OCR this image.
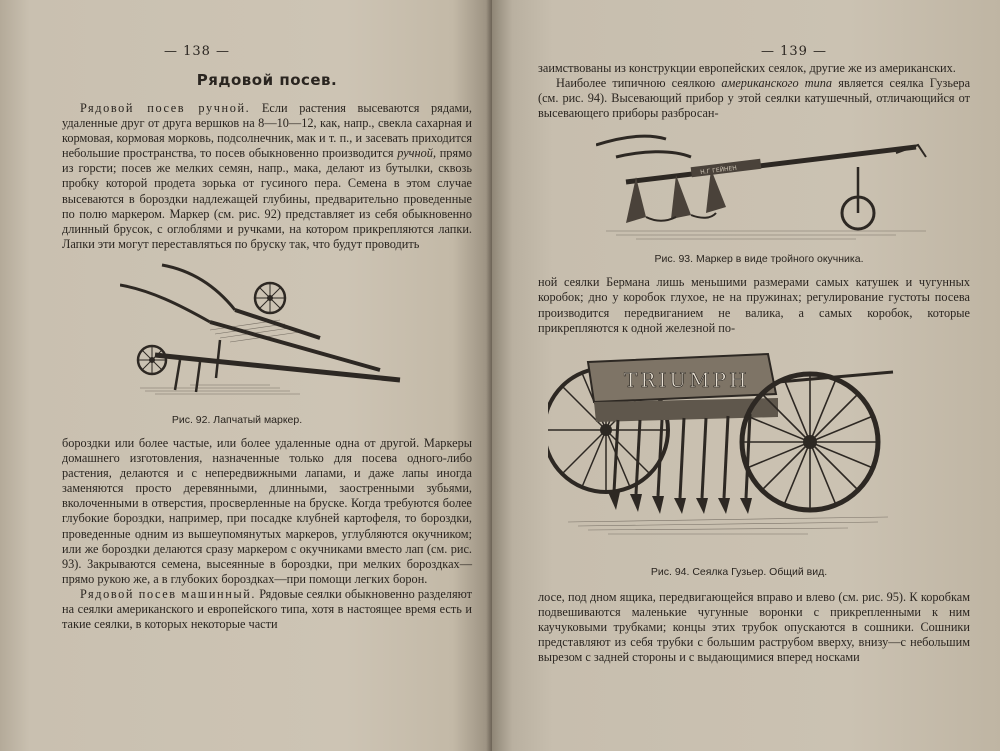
— 138 —
Рядовой посев.

Рядовой посев ручной. Если растения высеваются рядами, удаленные друг от друга вершков на 8—10—12, как, напр., свекла сахарная и кормовая, кормовая морковь, подсолнечник, мак и т. п., и засевать приходится небольшие пространства, то посев обыкновенно производится ручной, прямо из горсти; посев же мелких семян, напр., мака, делают из бутылки, сквозь пробку которой продета зорька от гусиного пера. Семена в этом случае высеваются в бороздки надлежащей глубины, предварительно проведенные по полю маркером. Маркер (см. рис. 92) представляет из себя обыкновенно длинный брусок, с оглоблями и ручками, на котором прикрепляются лапки. Лапки эти могут переставляться по бруску так, что будут проводить

Рис. 92. Лапчатый маркер.

бороздки или более частые, или более удаленные одна от другой. Маркеры домашнего изготовления, назначенные только для посева одного-либо растения, делаются и с непередвижными лапами, и даже лапы иногда заменяются просто деревянными, длинными, заостренными зубьями, вколоченными в отверстия, просверленные на бруске. Когда требуются более глубокие бороздки, например, при посадке клубней картофеля, то бороздки, проведенные одним из вышеупомянутых маркеров, углубляются окучником; или же бороздки делаются сразу маркером с окучниками вместо лап (см. рис. 93). Закрываются семена, высеянные в бороздки, при мелких бороздках—прямо рукою же, а в глубоких бороздках—при помощи легких борон.

Рядовой посев машинный. Рядовые сеялки обыкновенно разделяют на сеялки американского и европейского типа, хотя в настоящее время есть и такие сеялки, в которых некоторые части

— 139 —

заимствованы из конструкции европейских сеялок, другие же из американских.

Наиболее типичною сеялкою американского типа является сеялка Гузьера (см. рис. 94). Высевающий прибор у этой сеялки катушечный, отличающийся от высевающего приборы разбросан-

Н.Г.ГЕЙНЕН

Рис. 93. Маркер в виде тройного окучника.

ной сеялки Бермана лишь меньшими размерами самых катушек и чугунных коробок; дно у коробок глухое, не на пружинах; регулирование густоты посева производится передвиганием не валика, а самых коробок, которые прикрепляются к одной железной по-

TRIUMPH

Рис. 94. Сеялка Гузьер. Общий вид.

лосе, под дном ящика, передвигающейся вправо и влево (см. рис. 95). К коробкам подвешиваются маленькие чугунные воронки с прикрепленными к ним каучуковыми трубками; концы этих трубок опускаются в сошники. Сошники представляют из себя трубки с большим раструбом вверху, внизу—с небольшим вырезом с задней стороны и с выдающимися вперед носками
